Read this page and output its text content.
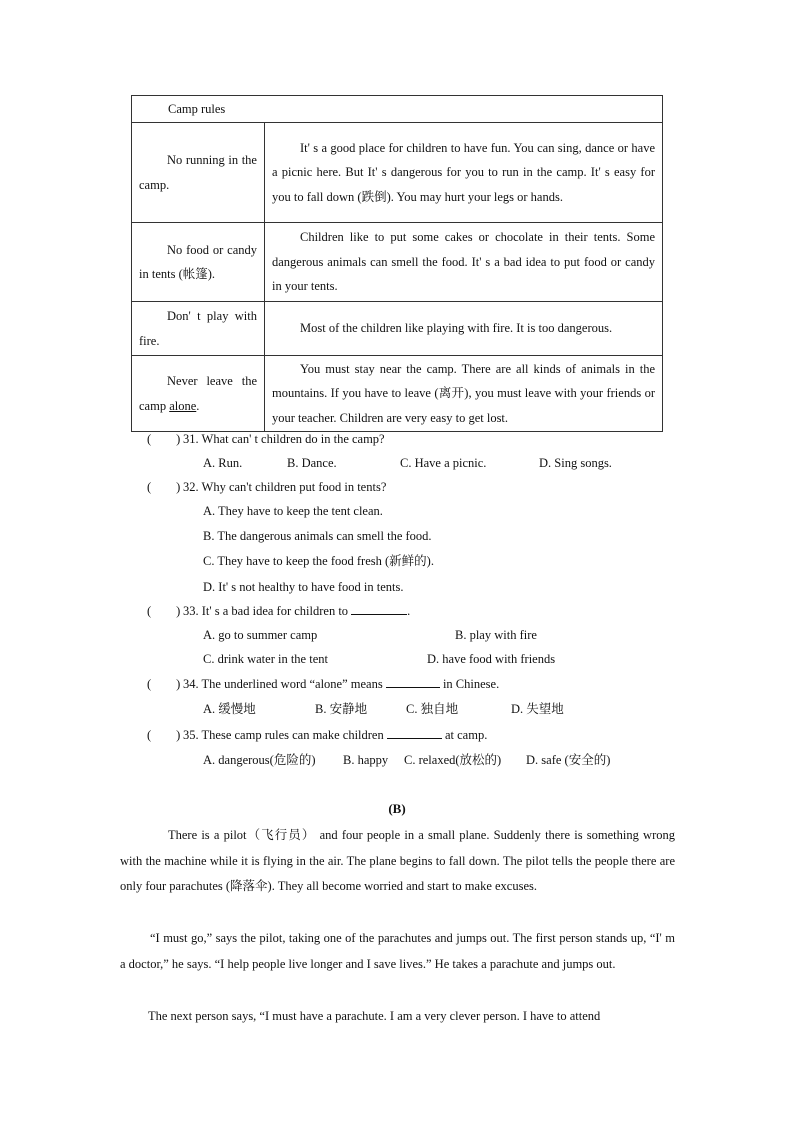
Camp rules	
No running in the camp.	It' s a good place for children to have fun. You can sing, dance or have a picnic here. But It' s dangerous for you to run in the camp. It' s easy for you to fall down (跌倒). You may hurt your legs or hands.
No food or candy in tents (帐篷).	Children like to put some cakes or chocolate in their tents. Some dangerous animals can smell the food. It' s a bad idea to put food or candy in your tents.
Don' t play with fire.	Most of the children like playing with fire. It is too dangerous.
Never leave the camp alone.	You must stay near the camp. There are all kinds of animals in the mountains. If you have to leave (离开), you must leave with your friends or your teacher. Children are very easy to get lost.
(        ) 31. What can' t children do in the camp?
A. Run.	B. Dance.	C. Have a picnic.	D. Sing songs.
(        ) 32. Why can't children put food in tents?
A. They have to keep the tent clean.
B. The dangerous animals can smell the food.
C. They have to keep the food fresh (新鲜的).
D. It' s not healthy to have food in tents.
(        ) 33. It' s a bad idea for children to	.
A. go to summer camp	B. play with fire
C. drink water in the tent	D. have food with friends
(        ) 34. The underlined word “alone” means	in Chinese.
A. 缓慢地	B. 安静地	C. 独自地	D. 失望地
(        ) 35. These camp rules can make children	at camp.
A. dangerous(危险的) B. happy C. relaxed(放松的) D. safe (安全的)
(B)
There is a pilot（飞行员） and four people in a small plane. Suddenly there is something wrong with the machine while it is flying in the air. The plane begins to fall down. The pilot tells the people there are only four parachutes (降落伞). They all become worried and start to make excuses.
“I must go,” says the pilot, taking one of the parachutes and jumps out. The first person stands up, “I' m a doctor,” he says. “I help people live longer and I save lives.” He takes a parachute and jumps out.
The next person says, “I must have a parachute. I am a very clever person. I have to attend
